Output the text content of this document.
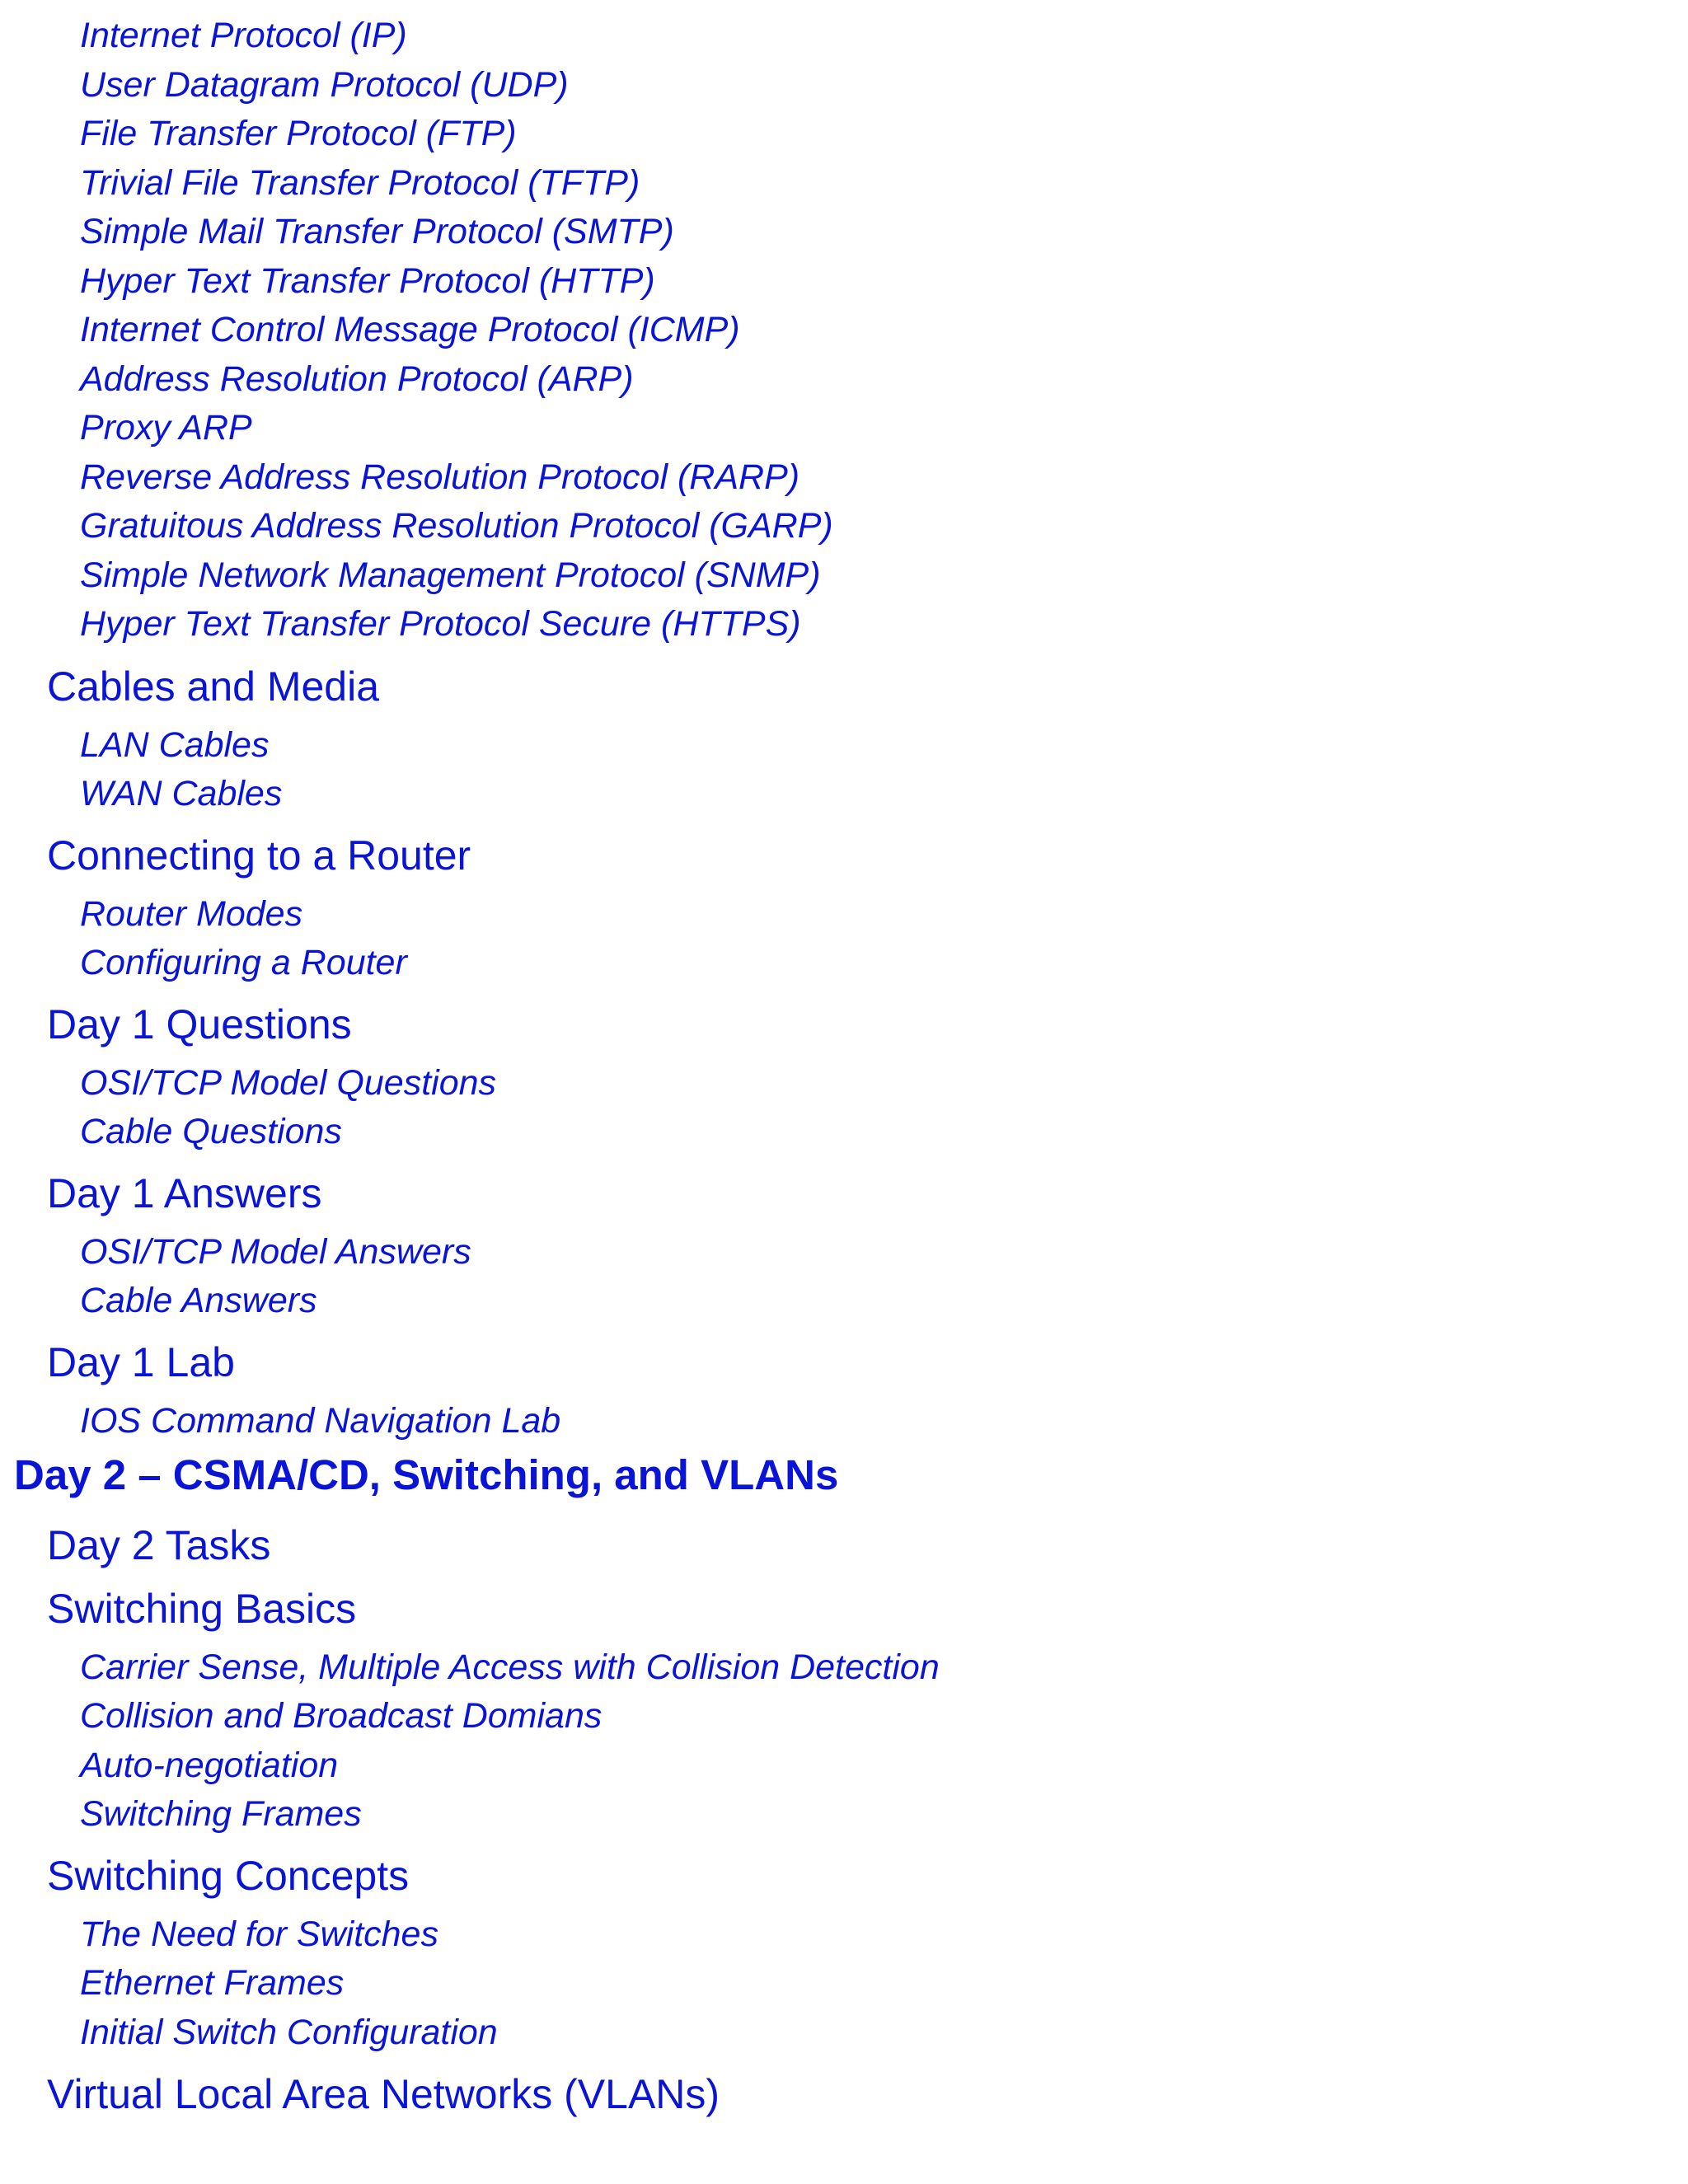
Internet Protocol (IP)
User Datagram Protocol (UDP)
File Transfer Protocol (FTP)
Trivial File Transfer Protocol (TFTP)
Simple Mail Transfer Protocol (SMTP)
Hyper Text Transfer Protocol (HTTP)
Internet Control Message Protocol (ICMP)
Address Resolution Protocol (ARP)
Proxy ARP
Reverse Address Resolution Protocol (RARP)
Gratuitous Address Resolution Protocol (GARP)
Simple Network Management Protocol (SNMP)
Hyper Text Transfer Protocol Secure (HTTPS)
Cables and Media
LAN Cables
WAN Cables
Connecting to a Router
Router Modes
Configuring a Router
Day 1 Questions
OSI/TCP Model Questions
Cable Questions
Day 1 Answers
OSI/TCP Model Answers
Cable Answers
Day 1 Lab
IOS Command Navigation Lab
Day 2 – CSMA/CD, Switching, and VLANs
Day 2 Tasks
Switching Basics
Carrier Sense, Multiple Access with Collision Detection
Collision and Broadcast Domians
Auto-negotiation
Switching Frames
Switching Concepts
The Need for Switches
Ethernet Frames
Initial Switch Configuration
Virtual Local Area Networks (VLANs)
